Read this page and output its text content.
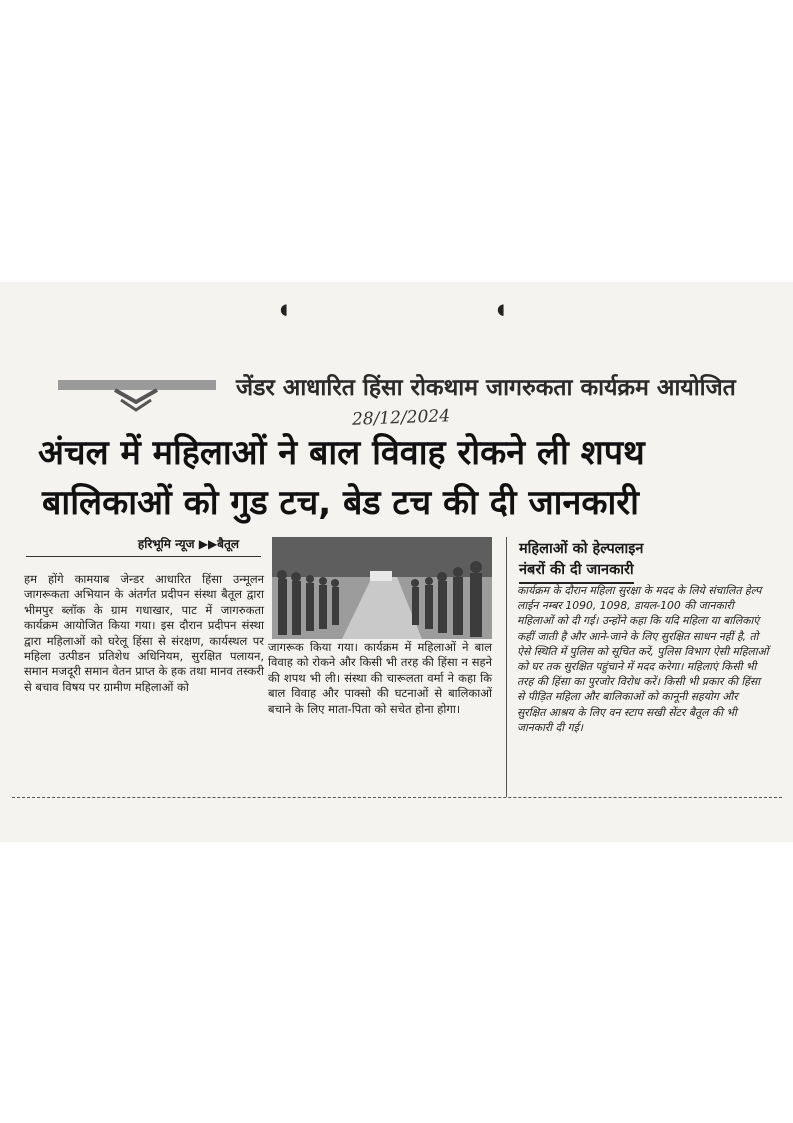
◖	◖
जेंडर आधारित हिंसा रोकथाम जागरुकता कार्यक्रम आयोजित
28/12/2024
अंचल में महिलाओं ने बाल विवाह रोकने ली शपथ
बालिकाओं को गुड टच, बेड टच की दी जानकारी
हरिभूमि न्यूज ▶▶बैतूल
हम होंगे कामयाब जेन्डर आधारित हिंसा उन्मूलन जागरूकता अभियान के अंतर्गत प्रदीपन संस्था बैतूल द्वारा भीमपुर ब्लॉक के ग्राम गधाखार, पाट में जागरुकता कार्यक्रम आयोजित किया गया। इस दौरान प्रदीपन संस्था द्वारा महिलाओं को घरेलू हिंसा से संरक्षण, कार्यस्थल पर महिला उत्पीडन प्रतिशेध अधिनियम, सुरक्षित पलायन, समान मजदूरी समान वेतन प्राप्त के हक तथा मानव तस्करी से बचाव विषय पर ग्रामीण महिलाओं को
जागरूक किया गया। कार्यक्रम में महिलाओं ने बाल विवाह को रोकने और किसी भी तरह की हिंसा न सहने की शपथ भी ली। संस्था की चारूलता वर्मा ने कहा कि बाल विवाह और पाक्सो की घटनाओं से बालिकाओं बचाने के लिए माता-पिता को सचेत होना होगा।
महिलाओं को हेल्पलाइन
नंबरों की दी जानकारी
कार्यक्रम के दौरान महिला सुरक्षा के मदद के लिये संचालित हेल्प लाईन नम्बर 1090, 1098, डायल-100 की जानकारी महिलाओं को दी गई। उन्होंने कहा कि यदि महिला या बालिकाएं कहीं जाती है और आने-जाने के लिए सुरक्षित साधन नहीं है, तो ऐसे स्थिति में पुलिस को सूचित करें, पुलिस विभाग ऐसी महिलाओं को घर तक सुरक्षित पहुंचाने में मदद करेगा। महिलाएं किसी भी तरह की हिंसा का पुरजोर विरोध करें। किसी भी प्रकार की हिंसा से पीड़ित महिला और बालिकाओं को कानूनी सहयोग और सुरक्षित आश्रय के लिए वन स्टाप सखी सेंटर बैतूल की भी जानकारी दी गई।
